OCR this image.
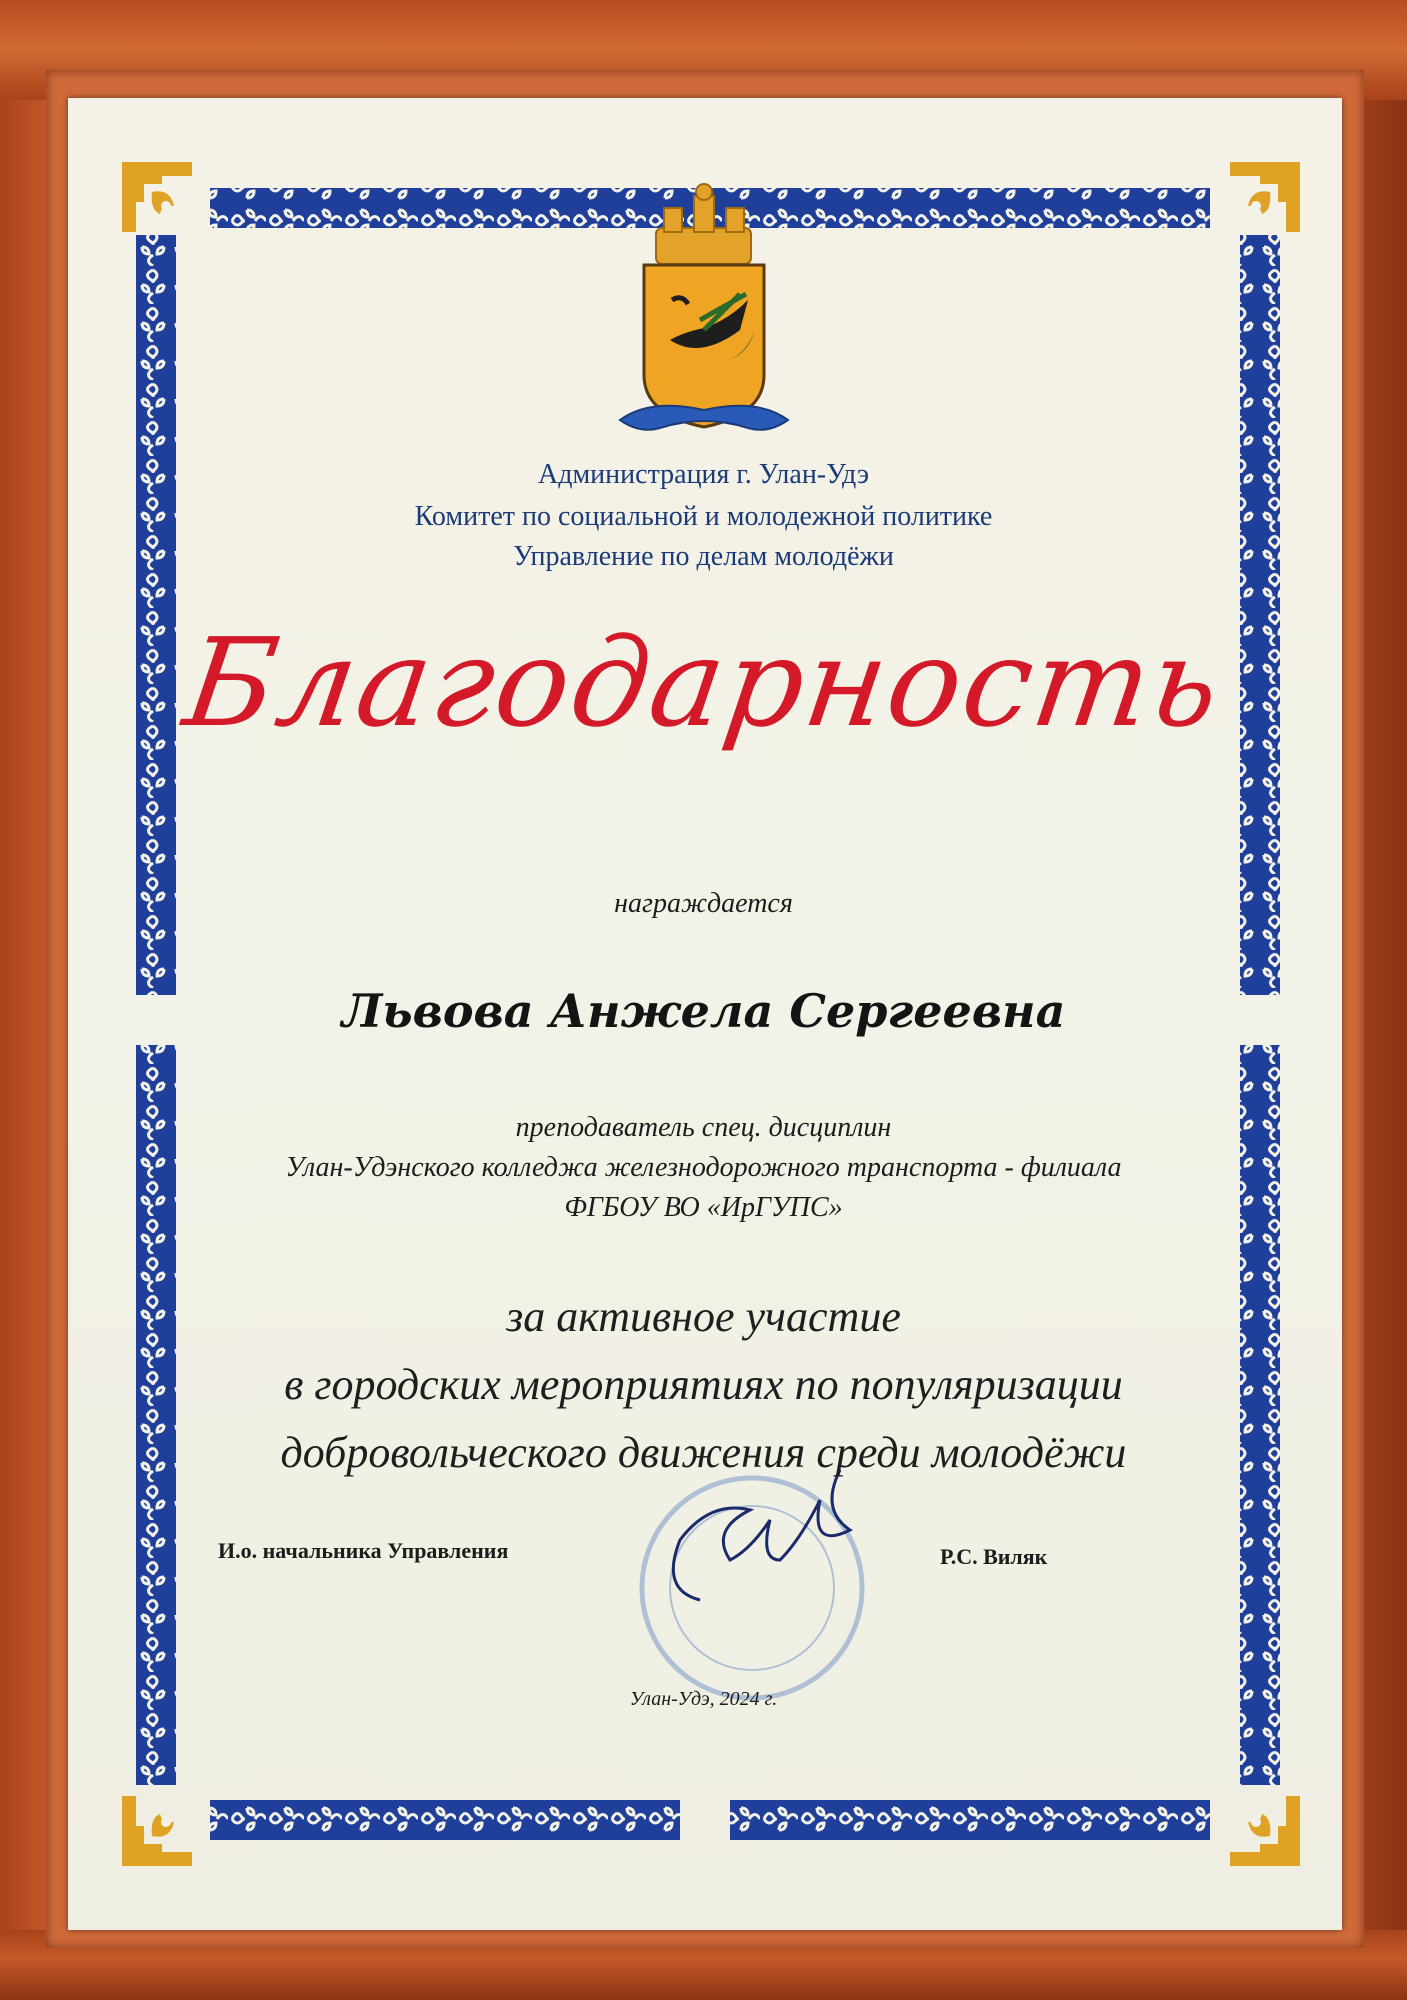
Администрация г. Улан-Удэ

Комитет по социальной и молодежной политике

Управление по делам молодёжи

Благодарность

награждается

Львова Анжела Сергеевна

преподаватель спец. дисциплин

Улан-Удэнского колледжа железнодорожного транспорта - филиала

ФГБОУ ВО «ИрГУПС»

за активное участие

в городских мероприятиях по популяризации

добровольческого движения среди молодёжи

И.о. начальника Управления	Р.С. Виляк

Улан-Удэ, 2024 г.
